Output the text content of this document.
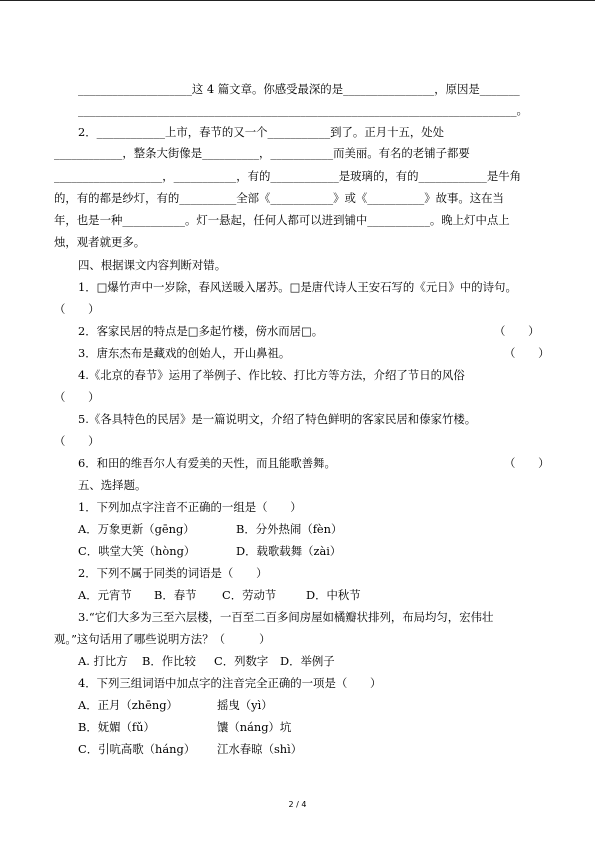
____________________这 4 篇文章。你感受最深的是________________，原因是_______
_____________________________________________________________________________。
2．____________上市，春节的又一个___________到了。正月十五，处处
____________，整条大街像是__________，___________而美丽。有名的老铺子都要
___________________，___________，有的____________是玻璃的，有的____________是牛角
的，有的都是纱灯，有的__________全部《___________》或《__________》故事。这在当
年，也是一种___________。灯一悬起，任何人都可以进到铺中___________。晚上灯中点上
烛，观者就更多。
四、根据课文内容判断对错。
1．□爆竹声中一岁除，春风送暖入屠苏。□是唐代诗人王安石写的《元日》中的诗句。
（　　）
2．客家民居的特点是□多起竹楼，傍水而居□。	（　　）
3．唐东杰布是藏戏的创始人，开山鼻祖。	（　　）
4.《北京的春节》运用了举例子、作比较、打比方等方法，介绍了节日的风俗
（　　）
5.《各具特色的民居》是一篇说明文，介绍了特色鲜明的客家民居和傣家竹楼。
（　　）
6．和田的维吾尔人有爱美的天性，而且能歌善舞。	（　　）
五、选择题。
1．下列加点字注音不正确的一组是（　　）
A．万象更新（gēng）	B．分外热闹（fèn）
C．哄堂大笑（hòng）	D．载歌载舞（zài）
2．下列不属于同类的词语是（　　）
A．元宵节 B．春节 C．劳动节	D．中秋节
3.“它们大多为三至六层楼，一百至二百多间房屋如橘瓣状排列，布局均匀，宏伟壮
观。”这句话用了哪些说明方法？（　　　）
A. 打比方 B．作比较 C．列数字 D．举例子
4．下列三组词语中加点字的注音完全正确的一项是（　　）
A．正月（zhēng）	摇曳（yì）
B．妩媚（fǔ）	馕（náng）坑
C．引吭高歌（háng） 江水春晾（shì）
2 / 4
